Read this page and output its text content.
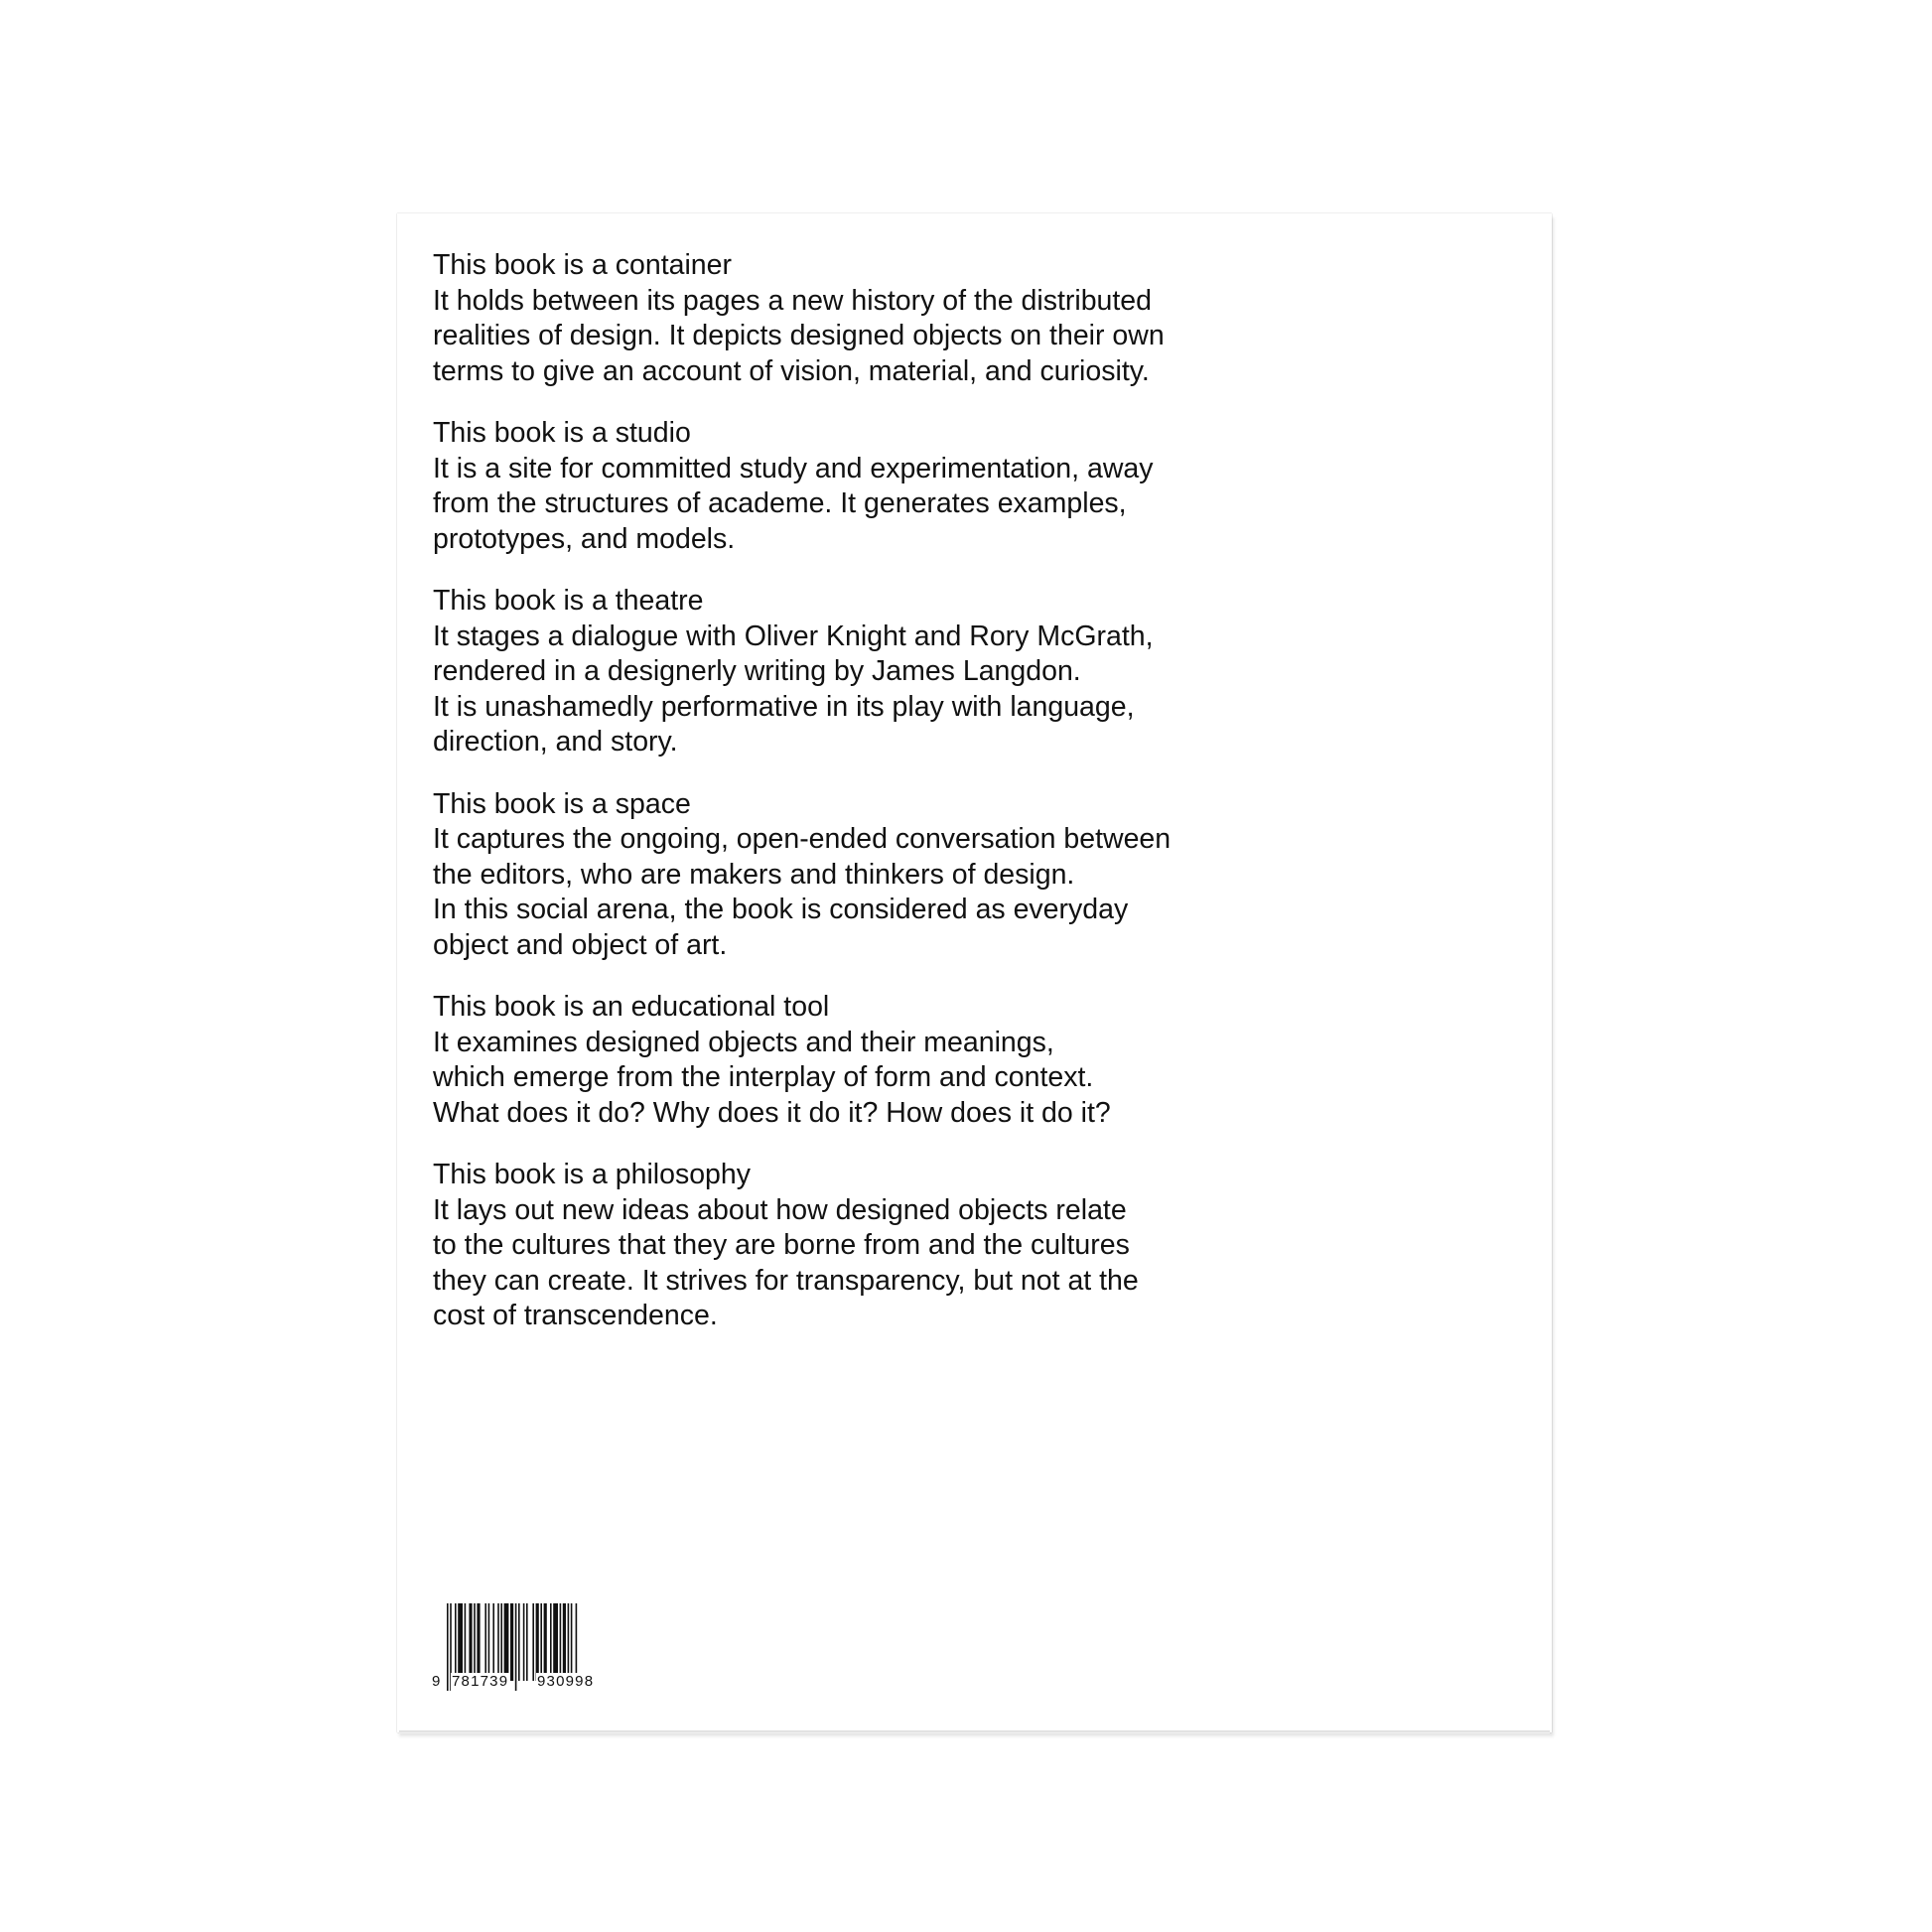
This book is a container
It holds between its pages a new history of the distributed
realities of design. It depicts designed objects on their own
terms to give an account of vision, material, and curiosity.
This book is a studio
It is a site for committed study and experimentation, away
from the structures of academe. It generates examples,
prototypes, and models.
This book is a theatre
It stages a dialogue with Oliver Knight and Rory McGrath,
rendered in a designerly writing by James Langdon.
It is unashamedly performative in its play with language,
direction, and story.
This book is a space
It captures the ongoing, open-ended conversation between
the editors, who are makers and thinkers of design.
In this social arena, the book is considered as everyday
object and object of art.
This book is an educational tool
It examines designed objects and their meanings,
which emerge from the interplay of form and context.
What does it do? Why does it do it? How does it do it?
This book is a philosophy
It lays out new ideas about how designed objects relate
to the cultures that they are borne from and the cultures
they can create. It strives for transparency, but not at the
cost of transcendence.
9 781739 930998
